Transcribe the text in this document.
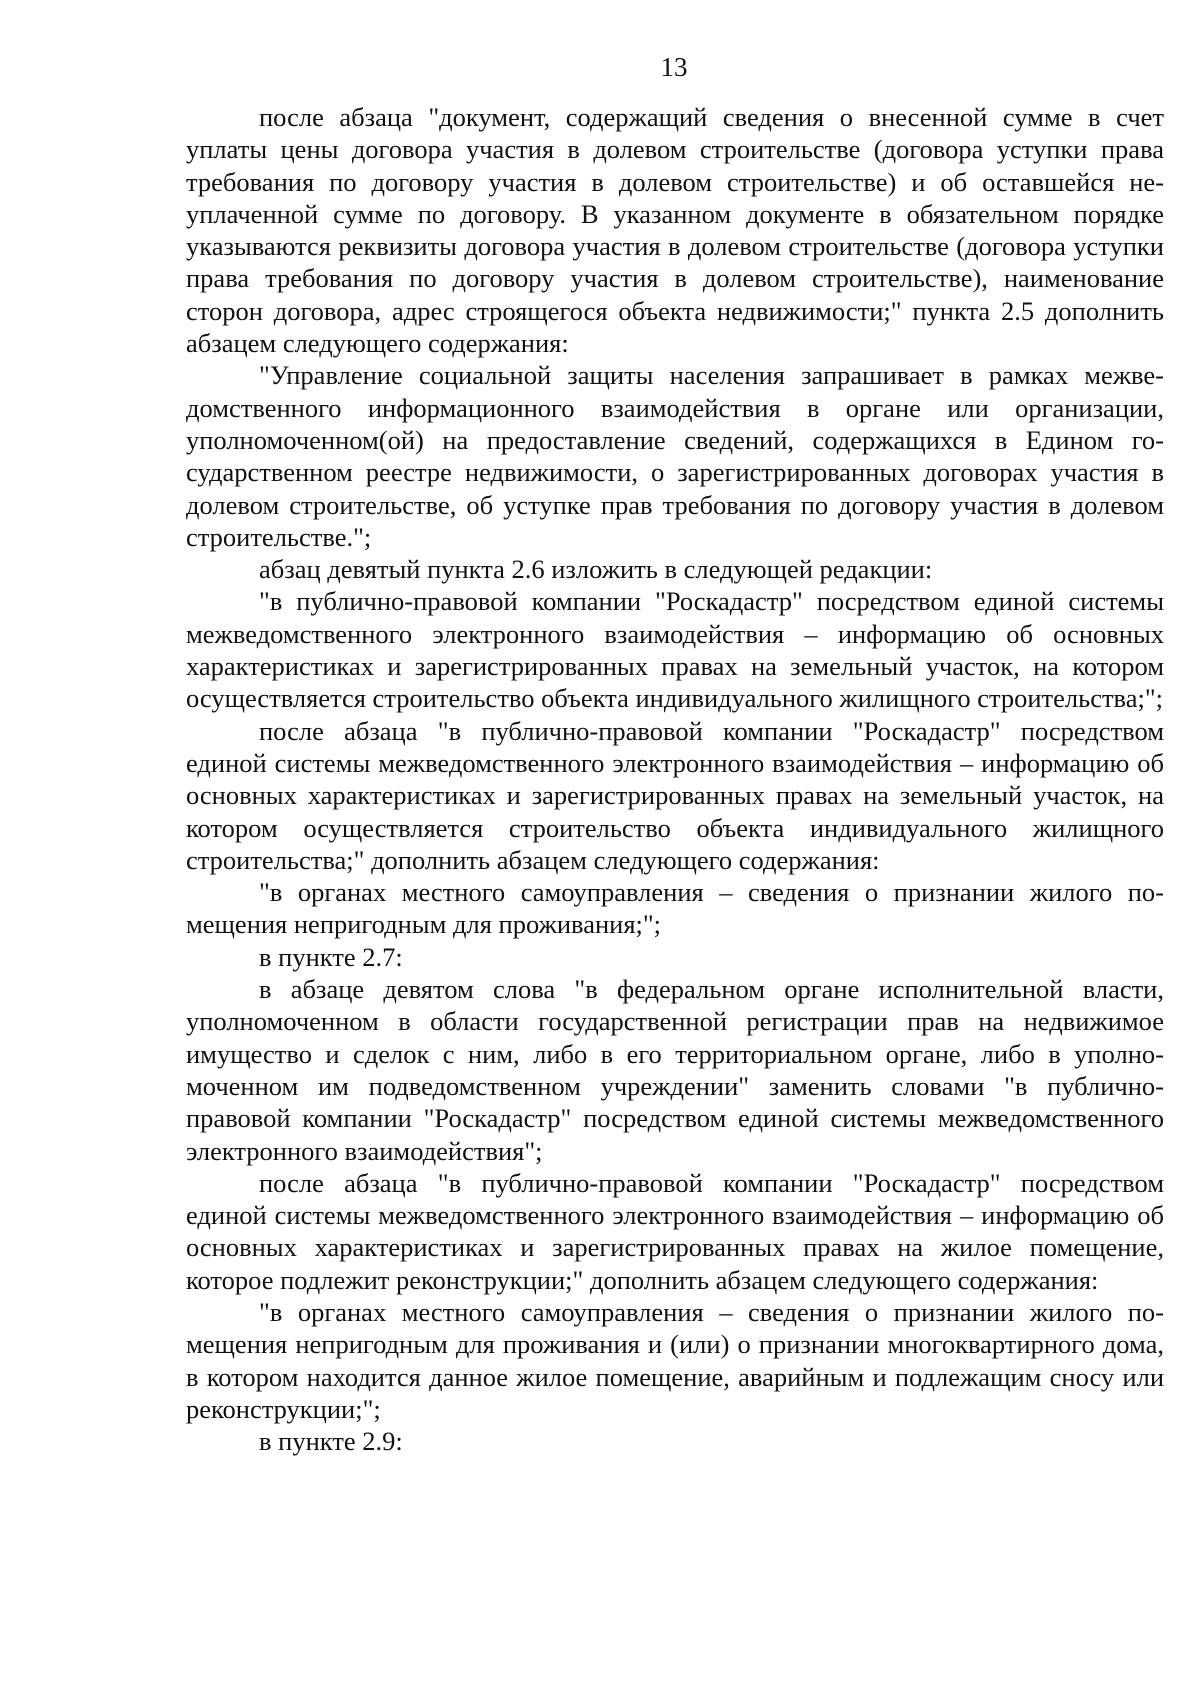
13

после абзаца "документ, содержащий сведения о внесенной сумме в счет уплаты цены договора участия в долевом строительстве (договора уступки права требования по договору участия в долевом строительстве) и об оставшейся неуплаченной сумме по договору. В указанном документе в обязательном порядке указываются реквизиты договора участия в долевом строительстве (договора уступки права требования по договору участия в долевом строительстве), наименование сторон договора, адрес строящегося объекта недвижимости;" пункта 2.5 дополнить абзацем следующего содержания:

"Управление социальной защиты населения запрашивает в рамках межведомственного информационного взаимодействия в органе или организации, уполномоченном(ой) на предоставление сведений, содержащихся в Едином государственном реестре недвижимости, о зарегистрированных договорах участия в долевом строительстве, об уступке прав требования по договору участия в долевом строительстве.";

абзац девятый пункта 2.6 изложить в следующей редакции:

"в публично-правовой компании "Роскадастр" посредством единой системы межведомственного электронного взаимодействия – информацию об основных характеристиках и зарегистрированных правах на земельный участок, на котором осуществляется строительство объекта индивидуального жилищного строительства;";

после абзаца "в публично-правовой компании "Роскадастр" посредством единой системы межведомственного электронного взаимодействия – информацию об основных характеристиках и зарегистрированных правах на земельный участок, на котором осуществляется строительство объекта индивидуального жилищного строительства;" дополнить абзацем следующего содержания:

"в органах местного самоуправления – сведения о признании жилого помещения непригодным для проживания;";

в пункте 2.7:

в абзаце девятом слова "в федеральном органе исполнительной власти, уполномоченном в области государственной регистрации прав на недвижимое имущество и сделок с ним, либо в его территориальном органе, либо в уполномоченном им подведомственном учреждении" заменить словами "в публично-правовой компании "Роскадастр" посредством единой системы межведомственного электронного взаимодействия";

после абзаца "в публично-правовой компании "Роскадастр" посредством единой системы межведомственного электронного взаимодействия – информацию об основных характеристиках и зарегистрированных правах на жилое помещение, которое подлежит реконструкции;" дополнить абзацем следующего содержания:

"в органах местного самоуправления – сведения о признании жилого помещения непригодным для проживания и (или) о признании многоквартирного дома, в котором находится данное жилое помещение, аварийным и подлежащим сносу или реконструкции;";

в пункте 2.9:
